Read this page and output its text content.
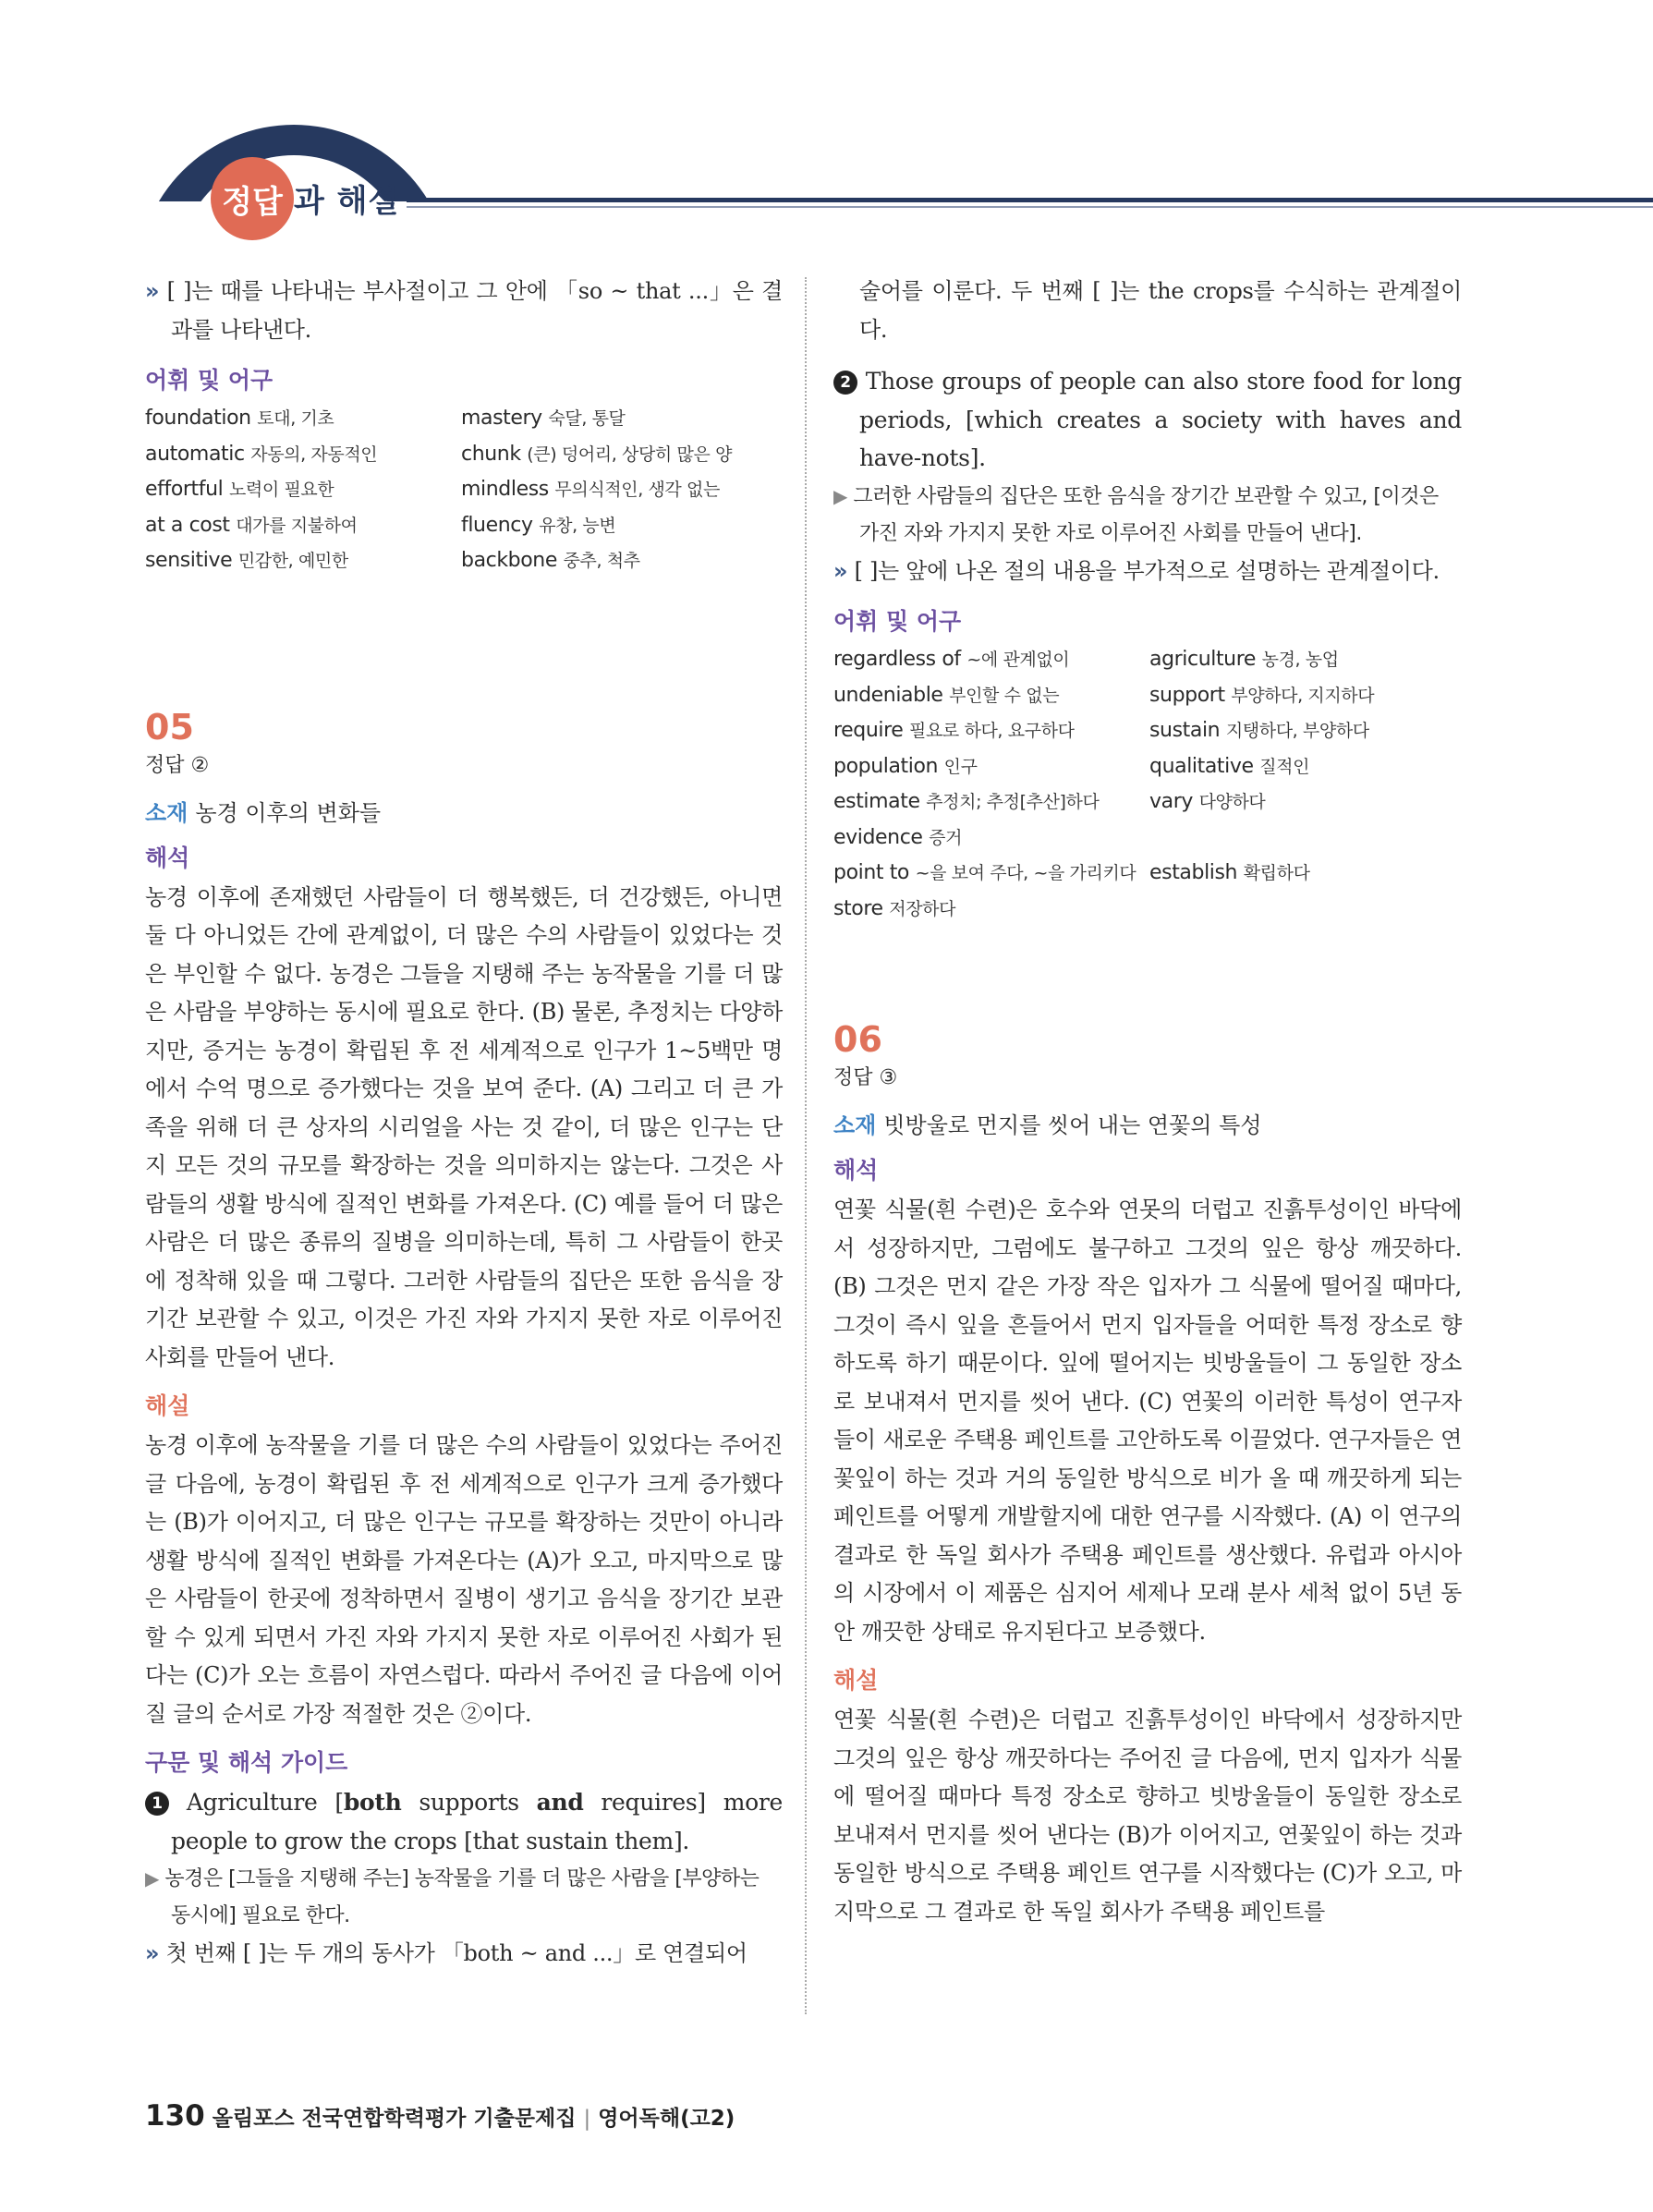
정답 과 해설

» [ ]는 때를 나타내는 부사절이고 그 안에 「so ~ that ...」은 결과를 나타낸다.

어휘 및 어구
foundation 토대, 기초	mastery 숙달, 통달
automatic 자동의, 자동적인	chunk (큰) 덩어리, 상당히 많은 양
effortful 노력이 필요한	mindless 무의식적인, 생각 없는
at a cost 대가를 지불하여	fluency 유창, 능변
sensitive 민감한, 예민한	backbone 중추, 척추
05
정답 ②
소재 농경 이후의 변화들
해석

농경 이후에 존재했던 사람들이 더 행복했든, 더 건강했든, 아니면 둘 다 아니었든 간에 관계없이, 더 많은 수의 사람들이 있었다는 것은 부인할 수 없다. 농경은 그들을 지탱해 주는 농작물을 기를 더 많은 사람을 부양하는 동시에 필요로 한다. (B) 물론, 추정치는 다양하지만, 증거는 농경이 확립된 후 전 세계적으로 인구가 1~5백만 명에서 수억 명으로 증가했다는 것을 보여 준다. (A) 그리고 더 큰 가족을 위해 더 큰 상자의 시리얼을 사는 것 같이, 더 많은 인구는 단지 모든 것의 규모를 확장하는 것을 의미하지는 않는다. 그것은 사람들의 생활 방식에 질적인 변화를 가져온다. (C) 예를 들어 더 많은 사람은 더 많은 종류의 질병을 의미하는데, 특히 그 사람들이 한곳에 정착해 있을 때 그렇다. 그러한 사람들의 집단은 또한 음식을 장기간 보관할 수 있고, 이것은 가진 자와 가지지 못한 자로 이루어진 사회를 만들어 낸다.

해설

농경 이후에 농작물을 기를 더 많은 수의 사람들이 있었다는 주어진 글 다음에, 농경이 확립된 후 전 세계적으로 인구가 크게 증가했다는 (B)가 이어지고, 더 많은 인구는 규모를 확장하는 것만이 아니라 생활 방식에 질적인 변화를 가져온다는 (A)가 오고, 마지막으로 많은 사람들이 한곳에 정착하면서 질병이 생기고 음식을 장기간 보관할 수 있게 되면서 가진 자와 가지지 못한 자로 이루어진 사회가 된다는 (C)가 오는 흐름이 자연스럽다. 따라서 주어진 글 다음에 이어질 글의 순서로 가장 적절한 것은 ②이다.

구문 및 해석 가이드

1 Agriculture [both supports and requires] more people to grow the crops [that sustain them].

▶ 농경은 [그들을 지탱해 주는] 농작물을 기를 더 많은 사람을 [부양하는 동시에] 필요로 한다.

» 첫 번째 [ ]는 두 개의 동사가 「both ~ and ...」로 연결되어

술어를 이룬다. 두 번째 [ ]는 the crops를 수식하는 관계절이다.

2 Those groups of people can also store food for long periods, [which creates a society with haves and have-nots].

▶ 그러한 사람들의 집단은 또한 음식을 장기간 보관할 수 있고, [이것은 가진 자와 가지지 못한 자로 이루어진 사회를 만들어 낸다].

» [ ]는 앞에 나온 절의 내용을 부가적으로 설명하는 관계절이다.

어휘 및 어구
regardless of ~에 관계없이	agriculture 농경, 농업
undeniable 부인할 수 없는	support 부양하다, 지지하다
require 필요로 하다, 요구하다	sustain 지탱하다, 부양하다
population 인구	qualitative 질적인
estimate 추정치; 추정[추산]하다	vary 다양하다
evidence 증거
point to ~을 보여 주다, ~을 가리키다 establish 확립하다
store 저장하다
06
정답 ③
소재 빗방울로 먼지를 씻어 내는 연꽃의 특성
해석

연꽃 식물(흰 수련)은 호수와 연못의 더럽고 진흙투성이인 바닥에서 성장하지만, 그럼에도 불구하고 그것의 잎은 항상 깨끗하다. (B) 그것은 먼지 같은 가장 작은 입자가 그 식물에 떨어질 때마다, 그것이 즉시 잎을 흔들어서 먼지 입자들을 어떠한 특정 장소로 향하도록 하기 때문이다. 잎에 떨어지는 빗방울들이 그 동일한 장소로 보내져서 먼지를 씻어 낸다. (C) 연꽃의 이러한 특성이 연구자들이 새로운 주택용 페인트를 고안하도록 이끌었다. 연구자들은 연꽃잎이 하는 것과 거의 동일한 방식으로 비가 올 때 깨끗하게 되는 페인트를 어떻게 개발할지에 대한 연구를 시작했다. (A) 이 연구의 결과로 한 독일 회사가 주택용 페인트를 생산했다. 유럽과 아시아의 시장에서 이 제품은 심지어 세제나 모래 분사 세척 없이 5년 동안 깨끗한 상태로 유지된다고 보증했다.

해설

연꽃 식물(흰 수련)은 더럽고 진흙투성이인 바닥에서 성장하지만 그것의 잎은 항상 깨끗하다는 주어진 글 다음에, 먼지 입자가 식물에 떨어질 때마다 특정 장소로 향하고 빗방울들이 동일한 장소로 보내져서 먼지를 씻어 낸다는 (B)가 이어지고, 연꽃잎이 하는 것과 동일한 방식으로 주택용 페인트 연구를 시작했다는 (C)가 오고, 마지막으로 그 결과로 한 독일 회사가 주택용 페인트를

130 올림포스 전국연합학력평가 기출문제집 | 영어독해(고2)
